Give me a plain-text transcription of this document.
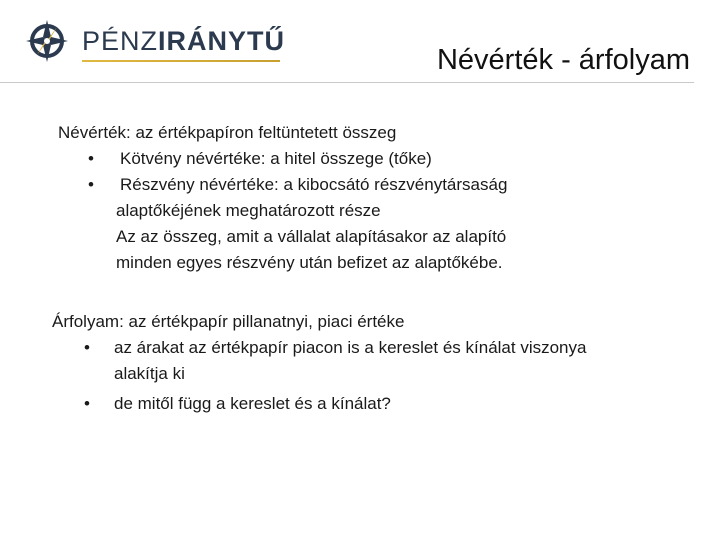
PÉNZIRÁNYTŰ
Névérték - árfolyam
Névérték: az értékpapíron feltüntetett összeg
• Kötvény névértéke: a hitel összege (tőke)
• Részvény névértéke: a kibocsátó részvénytársaság
alaptőkéjének meghatározott része
Az az összeg, amit a vállalat alapításakor az alapító
minden egyes részvény után befizet az alaptőkébe.
Árfolyam: az értékpapír pillanatnyi, piaci értéke
• az árakat az értékpapír piacon is a kereslet és kínálat viszonya
alakítja ki
• de mitől függ a kereslet és a kínálat?
